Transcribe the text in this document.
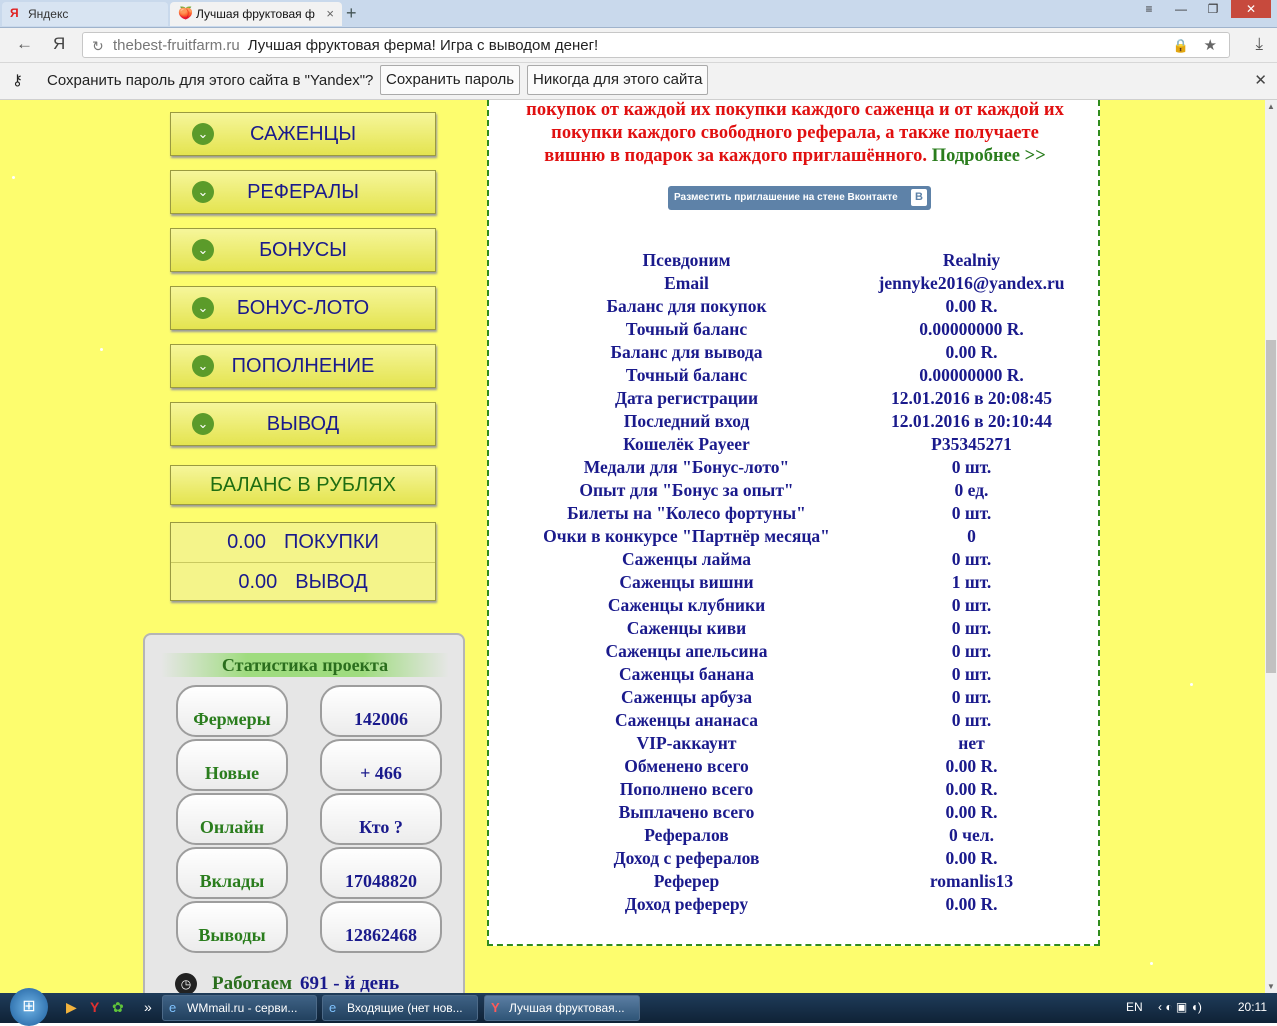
Я Яндекс	🍑 Лучшая фруктовая ф × +	≡	—	❐	✕
← Я ↻ thebest-fruitfarm.ru Лучшая фруктовая ферма! Игра с выводом денег!	🔒 ★ ⤓
⚷ Сохранить пароль для этого сайта в "Yandex"? Сохранить пароль	Никогда для этого сайта	✕
⌄ САЖЕНЦЫ
⌄ РЕФЕРАЛЫ
⌄	БОНУСЫ
⌄ БОНУС-ЛОТО
⌄ ПОПОЛНЕНИЕ
⌄	ВЫВОД
БАЛАНС В РУБЛЯХ
0.00 ПОКУПКИ
0.00 ВЫВОД
Статистика проекта
Фермеры	142006
Новые	+ 466
Онлайн	Кто ?
Вклады	17048820
Выводы	12862468
◷	Работаем 691 - й день
покупок от каждой их покупки каждого саженца и от каждой их
покупки каждого свободного реферала, а также получаете
вишню в подарок за каждого приглашённого. Подробнее >>
Разместить приглашение на стене Вконтакте	В
Псевдоним	Realniy
Email	jennyke2016@yandex.ru
Баланс для покупок	0.00 R.
Точный баланс	0.00000000 R.
Баланс для вывода	0.00 R.
Точный баланс	0.00000000 R.
Дата регистрации	12.01.2016 в 20:08:45
Последний вход	12.01.2016 в 20:10:44
Кошелёк Payeer	P35345271
Медали для "Бонус-лото"	0 шт.
Опыт для "Бонус за опыт"	0 ед.
Билеты на "Колесо фортуны"	0 шт.
Очки в конкурсе "Партнёр месяца"	0
Саженцы лайма	0 шт.
Саженцы вишни	1 шт.
Саженцы клубники	0 шт.
Саженцы киви	0 шт.
Саженцы апельсина	0 шт.
Саженцы банана	0 шт.
Саженцы арбуза	0 шт.
Саженцы ананаса	0 шт.
VIP-аккаунт	нет
Обменено всего	0.00 R.
Пополнено всего	0.00 R.
Выплачено всего	0.00 R.
Рефералов	0 чел.
Доход с рефералов	0.00 R.
Реферер	romanlis13
Доход рефереру	0.00 R.
▲
▼
⊞	▶ Y ✿ » e WMmail.ru - серви...	e Входящие (нет нов...	Y Лучшая фруктовая...	EN ‹ ◐ ▣ ◖)	20:11
